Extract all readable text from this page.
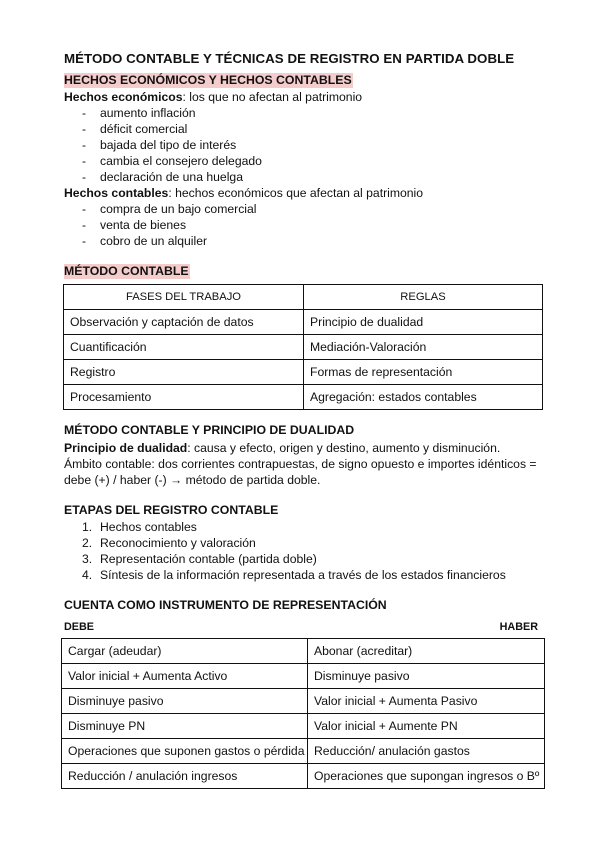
MÉTODO CONTABLE Y TÉCNICAS DE REGISTRO EN PARTIDA DOBLE
HECHOS ECONÓMICOS Y HECHOS CONTABLES
Hechos económicos: los que no afectan al patrimonio
- aumento inflación
- déficit comercial
- bajada del tipo de interés
- cambia el consejero delegado
- declaración de una huelga
Hechos contables: hechos económicos que afectan al patrimonio
- compra de un bajo comercial
- venta de bienes
- cobro de un alquiler
MÉTODO CONTABLE
FASES DEL TRABAJO	REGLAS
Observación y captación de datos	Principio de dualidad
Cuantificación	Mediación-Valoración
Registro	Formas de representación
Procesamiento	Agregación: estados contables
MÉTODO CONTABLE Y PRINCIPIO DE DUALIDAD
Principio de dualidad: causa y efecto, origen y destino, aumento y disminución.
Ámbito contable: dos corrientes contrapuestas, de signo opuesto e importes idénticos =
debe (+) / haber (-) → método de partida doble.
ETAPAS DEL REGISTRO CONTABLE
1. Hechos contables
2. Reconocimiento y valoración
3. Representación contable (partida doble)
4. Síntesis de la información representada a través de los estados financieros
CUENTA COMO INSTRUMENTO DE REPRESENTACIÓN
DEBE	HABER
Cargar (adeudar)	Abonar (acreditar)
Valor inicial + Aumenta Activo	Disminuye pasivo
Disminuye pasivo	Valor inicial + Aumenta Pasivo
Disminuye PN	Valor inicial + Aumente PN
Operaciones que suponen gastos o pérdida	Reducción/ anulación gastos
Reducción / anulación ingresos	Operaciones que supongan ingresos o Bº
